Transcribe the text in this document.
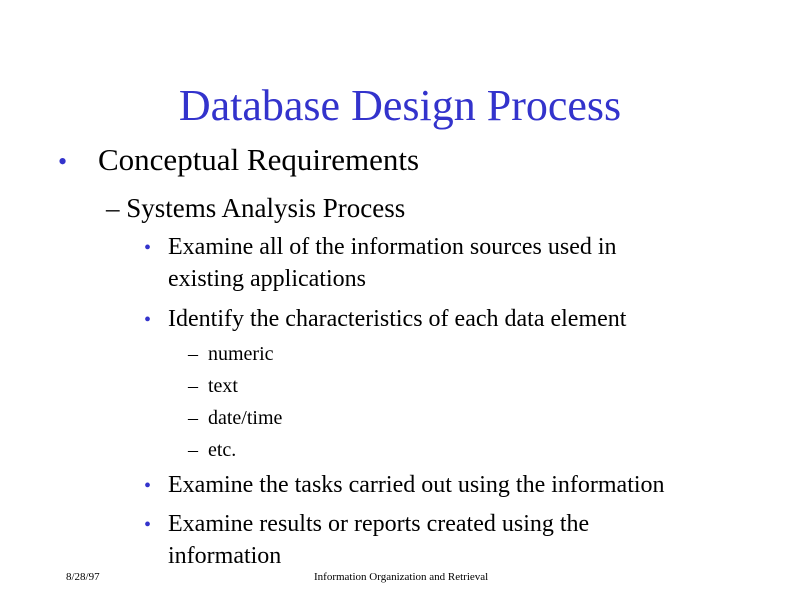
Database Design Process
• Conceptual Requirements
– Systems Analysis Process
• Examine all of the information sources used in
existing applications
• Identify the characteristics of each data element
– numeric
– text
– date/time
– etc.
• Examine the tasks carried out using the information
• Examine results or reports created using the
information
8/28/97	Information Organization and Retrieval
